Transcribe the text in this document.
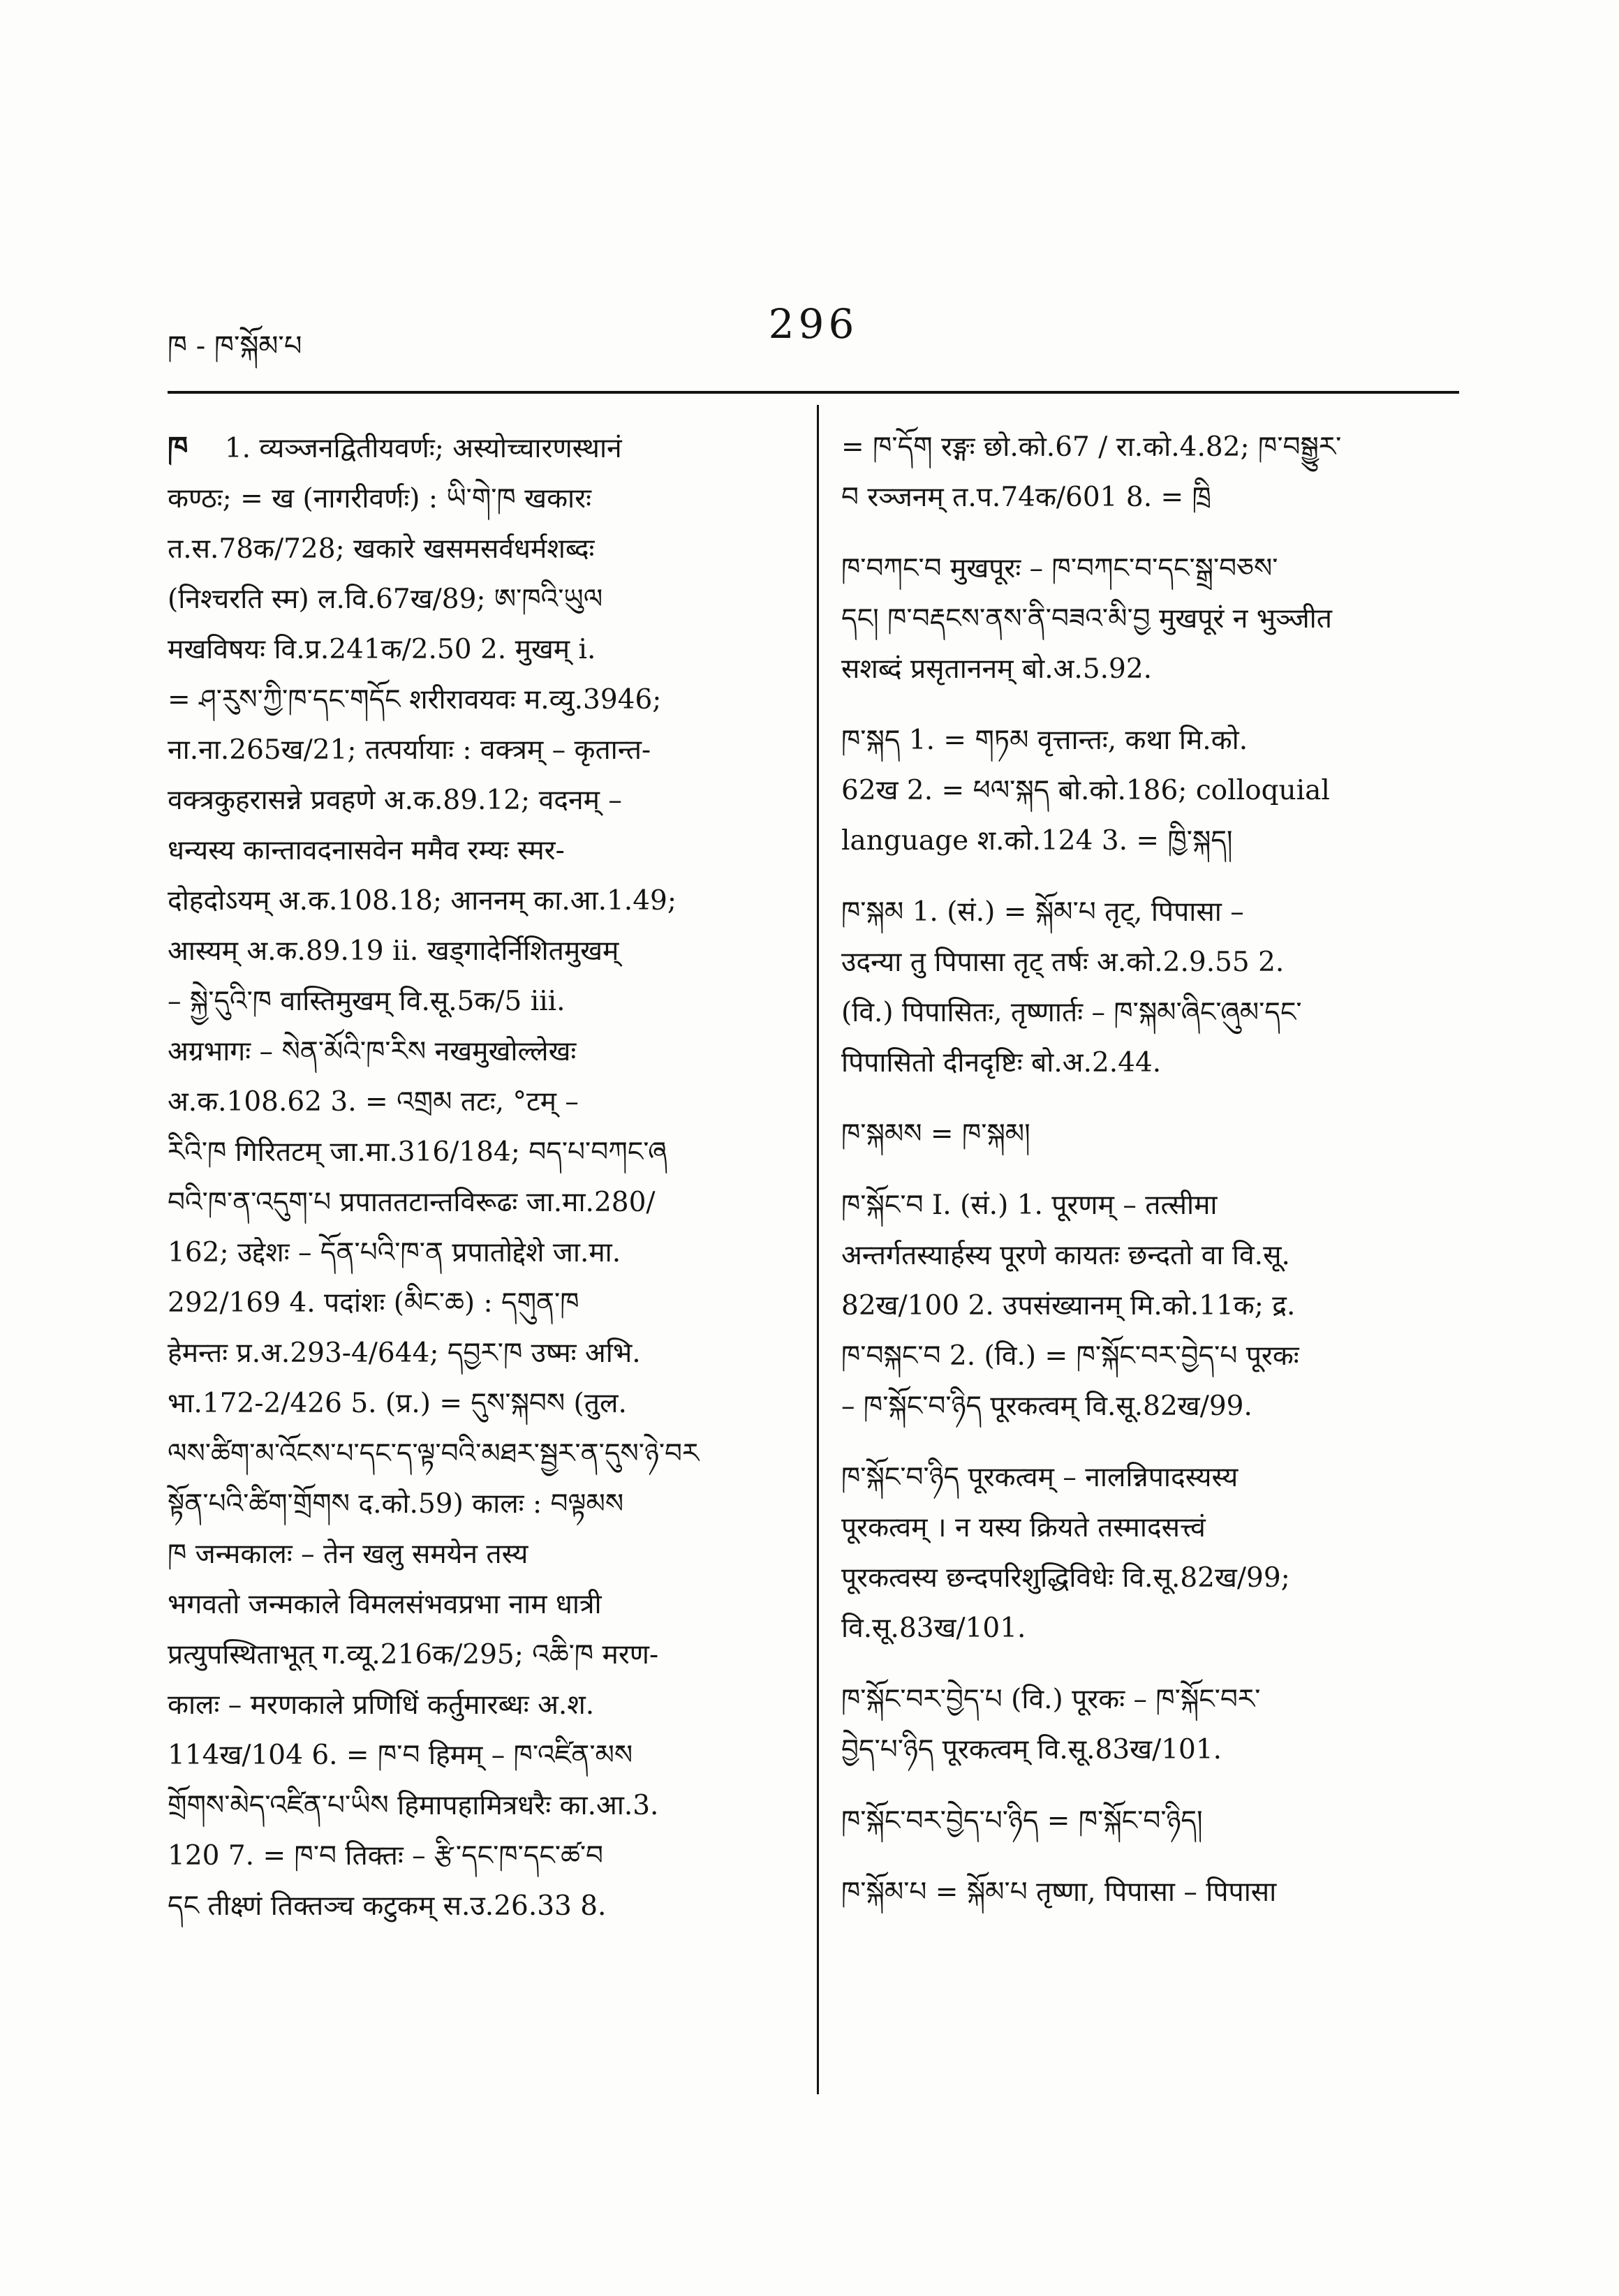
ཁ - ཁ་སྐོམ་པ	296

ཁ 1. व्यञ्जनद्वितीयवर्णः; अस्योच्चारणस्थानं

कण्ठः; = ख (नागरीवर्णः) : ཡི་གེ་ཁ खकारः

त.स.78क/728; खकारे खसमसर्वधर्मशब्दः

(निश्चरति स्म) ल.वि.67ख/89; ཨ་ཁའི་ཡུལ

मखविषयः वि.प्र.241क/2.50 2. मुखम् i.

= ཤ་རུས་ཀྱི་ཁ་དང་གདོང शरीरावयवः म.व्यु.3946;

ना.ना.265ख/21; तत्पर्यायाः : वक्त्रम् – कृतान्त-

वक्त्रकुहरासन्ने प्रवहणे अ.क.89.12; वदनम् –

धन्यस्य कान्तावदनासवेन ममैव रम्यः स्मर-

दोहदोऽयम् अ.क.108.18; आननम् का.आ.1.49;

आस्यम् अ.क.89.19 ii. खड्गादेर्निशितमुखम्

– སྐྱེ་དུའི་ཁ वास्तिमुखम् वि.सू.5क/5 iii.

अग्रभागः – སེན་མོའི་ཁ་རིས नखमुखोल्लेखः

अ.क.108.62 3. = འགྲམ तटः, °टम् –

རིའི་ཁ गिरितटम् जा.मा.316/184; བད་པ་བཀང་ཞ

བའི་ཁ་ན་འདུག་པ प्रपाततटान्तविरूढः जा.मा.280/

162; उद्देशः – དོན་པའི་ཁ་ན प्रपातोद्देशे जा.मा.

292/169 4. पदांशः (མིང་ཆ) : དགུན་ཁ

हेमन्तः प्र.अ.293-4/644; དབྱར་ཁ उष्मः अभि.

भा.172-2/426 5. (प्र.) = དུས་སྐབས (तुल.

ལས་ཚིག་མ་འོངས་པ་དང་ད་ལྟ་བའི་མཐར་སྦྱར་ན་དུས་ཉེ་བར

སྟོན་པའི་ཚིག་གྲོགས द.को.59) कालः : བལྟམས

ཁ जन्मकालः – तेन खलु समयेन तस्य

भगवतो जन्मकाले विमलसंभवप्रभा नाम धात्री

प्रत्युपस्थिताभूत् ग.व्यू.216क/295; འཆི་ཁ मरण-

कालः – मरणकाले प्रणिधिं कर्तुमारब्धः अ.श.

114ख/104 6. = ཁ་བ हिमम् – ཁ་འཛིན་མས

གྲོགས་མེད་འཛིན་པ་ཡིས हिमापहामित्रधरैः का.आ.3.

120 7. = ཁ་བ तिक्तः – རྩི་དང་ཁ་དང་ཚ་བ

དང तीक्ष्णं तिक्तञ्च कटुकम् स.उ.26.33 8.

= ཁ་དོག रङ्गः छो.को.67 / रा.को.4.82; ཁ་བསྒྱུར་

བ रञ्जनम् त.प.74क/601 8. = ཁྲི

ཁ་བཀང་བ मुखपूरः – ཁ་བཀང་བ་དང་སྒྲ་བཅས་

དང། ཁ་བརྡངས་ནས་ནི་བཟའ་མི་བྱ मुखपूरं न भुञ्जीत

सशब्दं प्रसृताननम् बो.अ.5.92.

ཁ་སྐད 1. = གཏམ वृत्तान्तः, कथा मि.को.

62ख 2. = ཕལ་སྐད बो.को.186; colloquial

language श.को.124 3. = ཁྱི་སྐད།

ཁ་སྐམ 1. (सं.) = སྐོམ་པ तृट्, पिपासा –

उदन्या तु पिपासा तृट् तर्षः अ.को.2.9.55 2.

(वि.) पिपासितः, तृष्णार्तः – ཁ་སྐམ་ཞིང་ཞུམ་དང་

पिपासितो दीनदृष्टिः बो.अ.2.44.

ཁ་སྐམས = ཁ་སྐམ།

ཁ་སྐོང་བ I. (सं.) 1. पूरणम् – तत्सीमा

अन्तर्गतस्यार्हस्य पूरणे कायतः छन्दतो वा वि.सू.

82ख/100 2. उपसंख्यानम् मि.को.11क; द्र.

ཁ་བསྐང་བ 2. (वि.) = ཁ་སྐོང་བར་བྱེད་པ पूरकः

– ཁ་སྐོང་བ་ཉིད पूरकत्वम् वि.सू.82ख/99.

ཁ་སྐོང་བ་ཉིད पूरकत्वम् – नालन्निपादस्यस्य

पूरकत्वम् । न यस्य क्रियते तस्मादसत्त्वं

पूरकत्वस्य छन्दपरिशुद्धिविधेः वि.सू.82ख/99;

वि.सू.83ख/101.

ཁ་སྐོང་བར་བྱེད་པ (वि.) पूरकः – ཁ་སྐོང་བར་

བྱེད་པ་ཉིད पूरकत्वम् वि.सू.83ख/101.

ཁ་སྐོང་བར་བྱེད་པ་ཉིད = ཁ་སྐོང་བ་ཉིད།

ཁ་སྐོམ་པ = སྐོམ་པ तृष्णा, पिपासा – पिपासा
